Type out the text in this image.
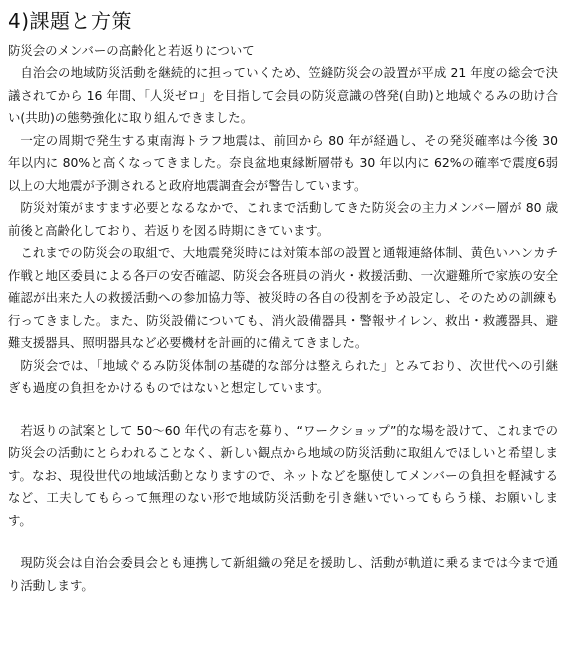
4)課題と方策

防災会のメンバーの高齢化と若返りについて

自治会の地域防災活動を継続的に担っていくため、笠縫防災会の設置が平成 21 年度の総会で決議されてから 16 年間、「人災ゼロ」を目指して会員の防災意識の啓発(自助)と地域ぐるみの助け合い(共助)の態勢強化に取り組んできました。

一定の周期で発生する東南海トラフ地震は、前回から 80 年が経過し、その発災確率は今後 30 年以内に 80%と高くなってきました。奈良盆地東縁断層帯も 30 年以内に 62%の確率で震度6弱以上の大地震が予測されると政府地震調査会が警告しています。

防災対策がますます必要となるなかで、これまで活動してきた防災会の主力メンバー層が 80 歳前後と高齢化しており、若返りを図る時期にきています。

これまでの防災会の取組で、大地震発災時には対策本部の設置と通報連絡体制、黄色いハンカチ作戦と地区委員による各戸の安否確認、防災会各班員の消火・救援活動、一次避難所で家族の安全確認が出来た人の救援活動への参加協力等、被災時の各自の役割を予め設定し、そのための訓練も行ってきました。また、防災設備についても、消火設備器具・警報サイレン、救出・救護器具、避難支援器具、照明器具など必要機材を計画的に備えてきました。

防災会では、「地域ぐるみ防災体制の基礎的な部分は整えられた」とみており、次世代への引継ぎも過度の負担をかけるものではないと想定しています。

若返りの試案として 50～60 年代の有志を募り、“ワークショップ”的な場を設けて、これまでの防災会の活動にとらわれることなく、新しい観点から地域の防災活動に取組んでほしいと希望します。なお、現役世代の地域活動となりますので、ネットなどを駆使してメンバーの負担を軽減するなど、工夫してもらって無理のない形で地域防災活動を引き継いでいってもらう様、お願いします。

現防災会は自治会委員会とも連携して新組織の発足を援助し、活動が軌道に乗るまでは今まで通り活動します。
